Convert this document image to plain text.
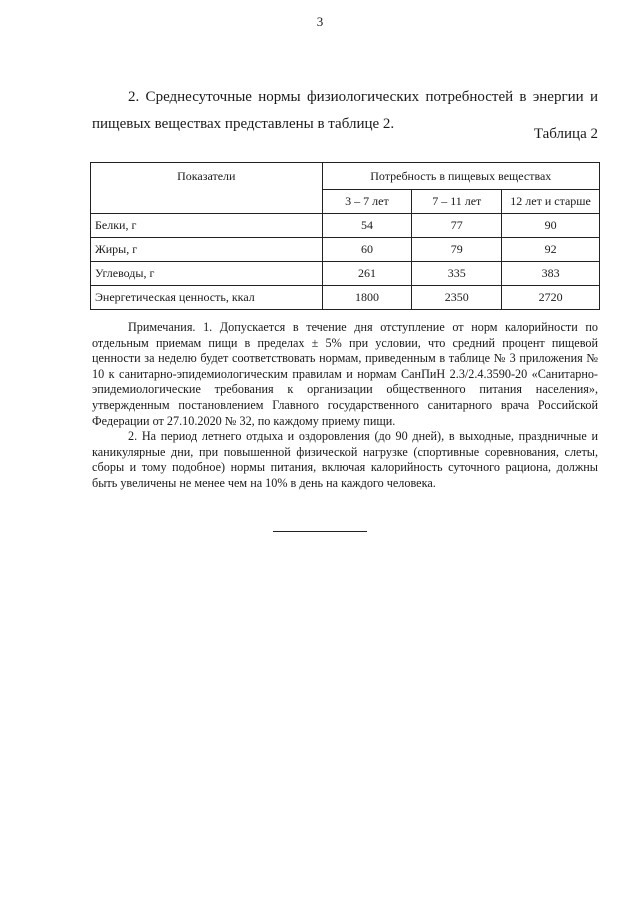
3

2. Среднесуточные нормы физиологических потребностей в энергии и пищевых веществах представлены в таблице 2.

Таблица 2
Показатели	Потребность в пищевых веществах		
	3 – 7 лет	7 – 11 лет	12 лет и старше
Белки, г	54	77	90
Жиры, г	60	79	92
Углеводы, г	261	335	383
Энергетическая ценность, ккал	1800	2350	2720

Примечания. 1. Допускается в течение дня отступление от норм калорийности по отдельным приемам пищи в пределах ± 5% при условии, что средний процент пищевой ценности за неделю будет соответствовать нормам, приведенным в таблице № 3 приложения № 10 к санитарно-эпидемиологическим правилам и нормам СанПиН 2.3/2.4.3590-20 «Санитарно-эпидемиологические требования к организации общественного питания населения», утвержденным постановлением Главного государственного санитарного врача Российской Федерации от 27.10.2020 № 32, по каждому приему пищи.

2. На период летнего отдыха и оздоровления (до 90 дней), в выходные, праздничные и каникулярные дни, при повышенной физической нагрузке (спортивные соревнования, слеты, сборы и тому подобное) нормы питания, включая калорийность суточного рациона, должны быть увеличены не менее чем на 10% в день на каждого человека.
